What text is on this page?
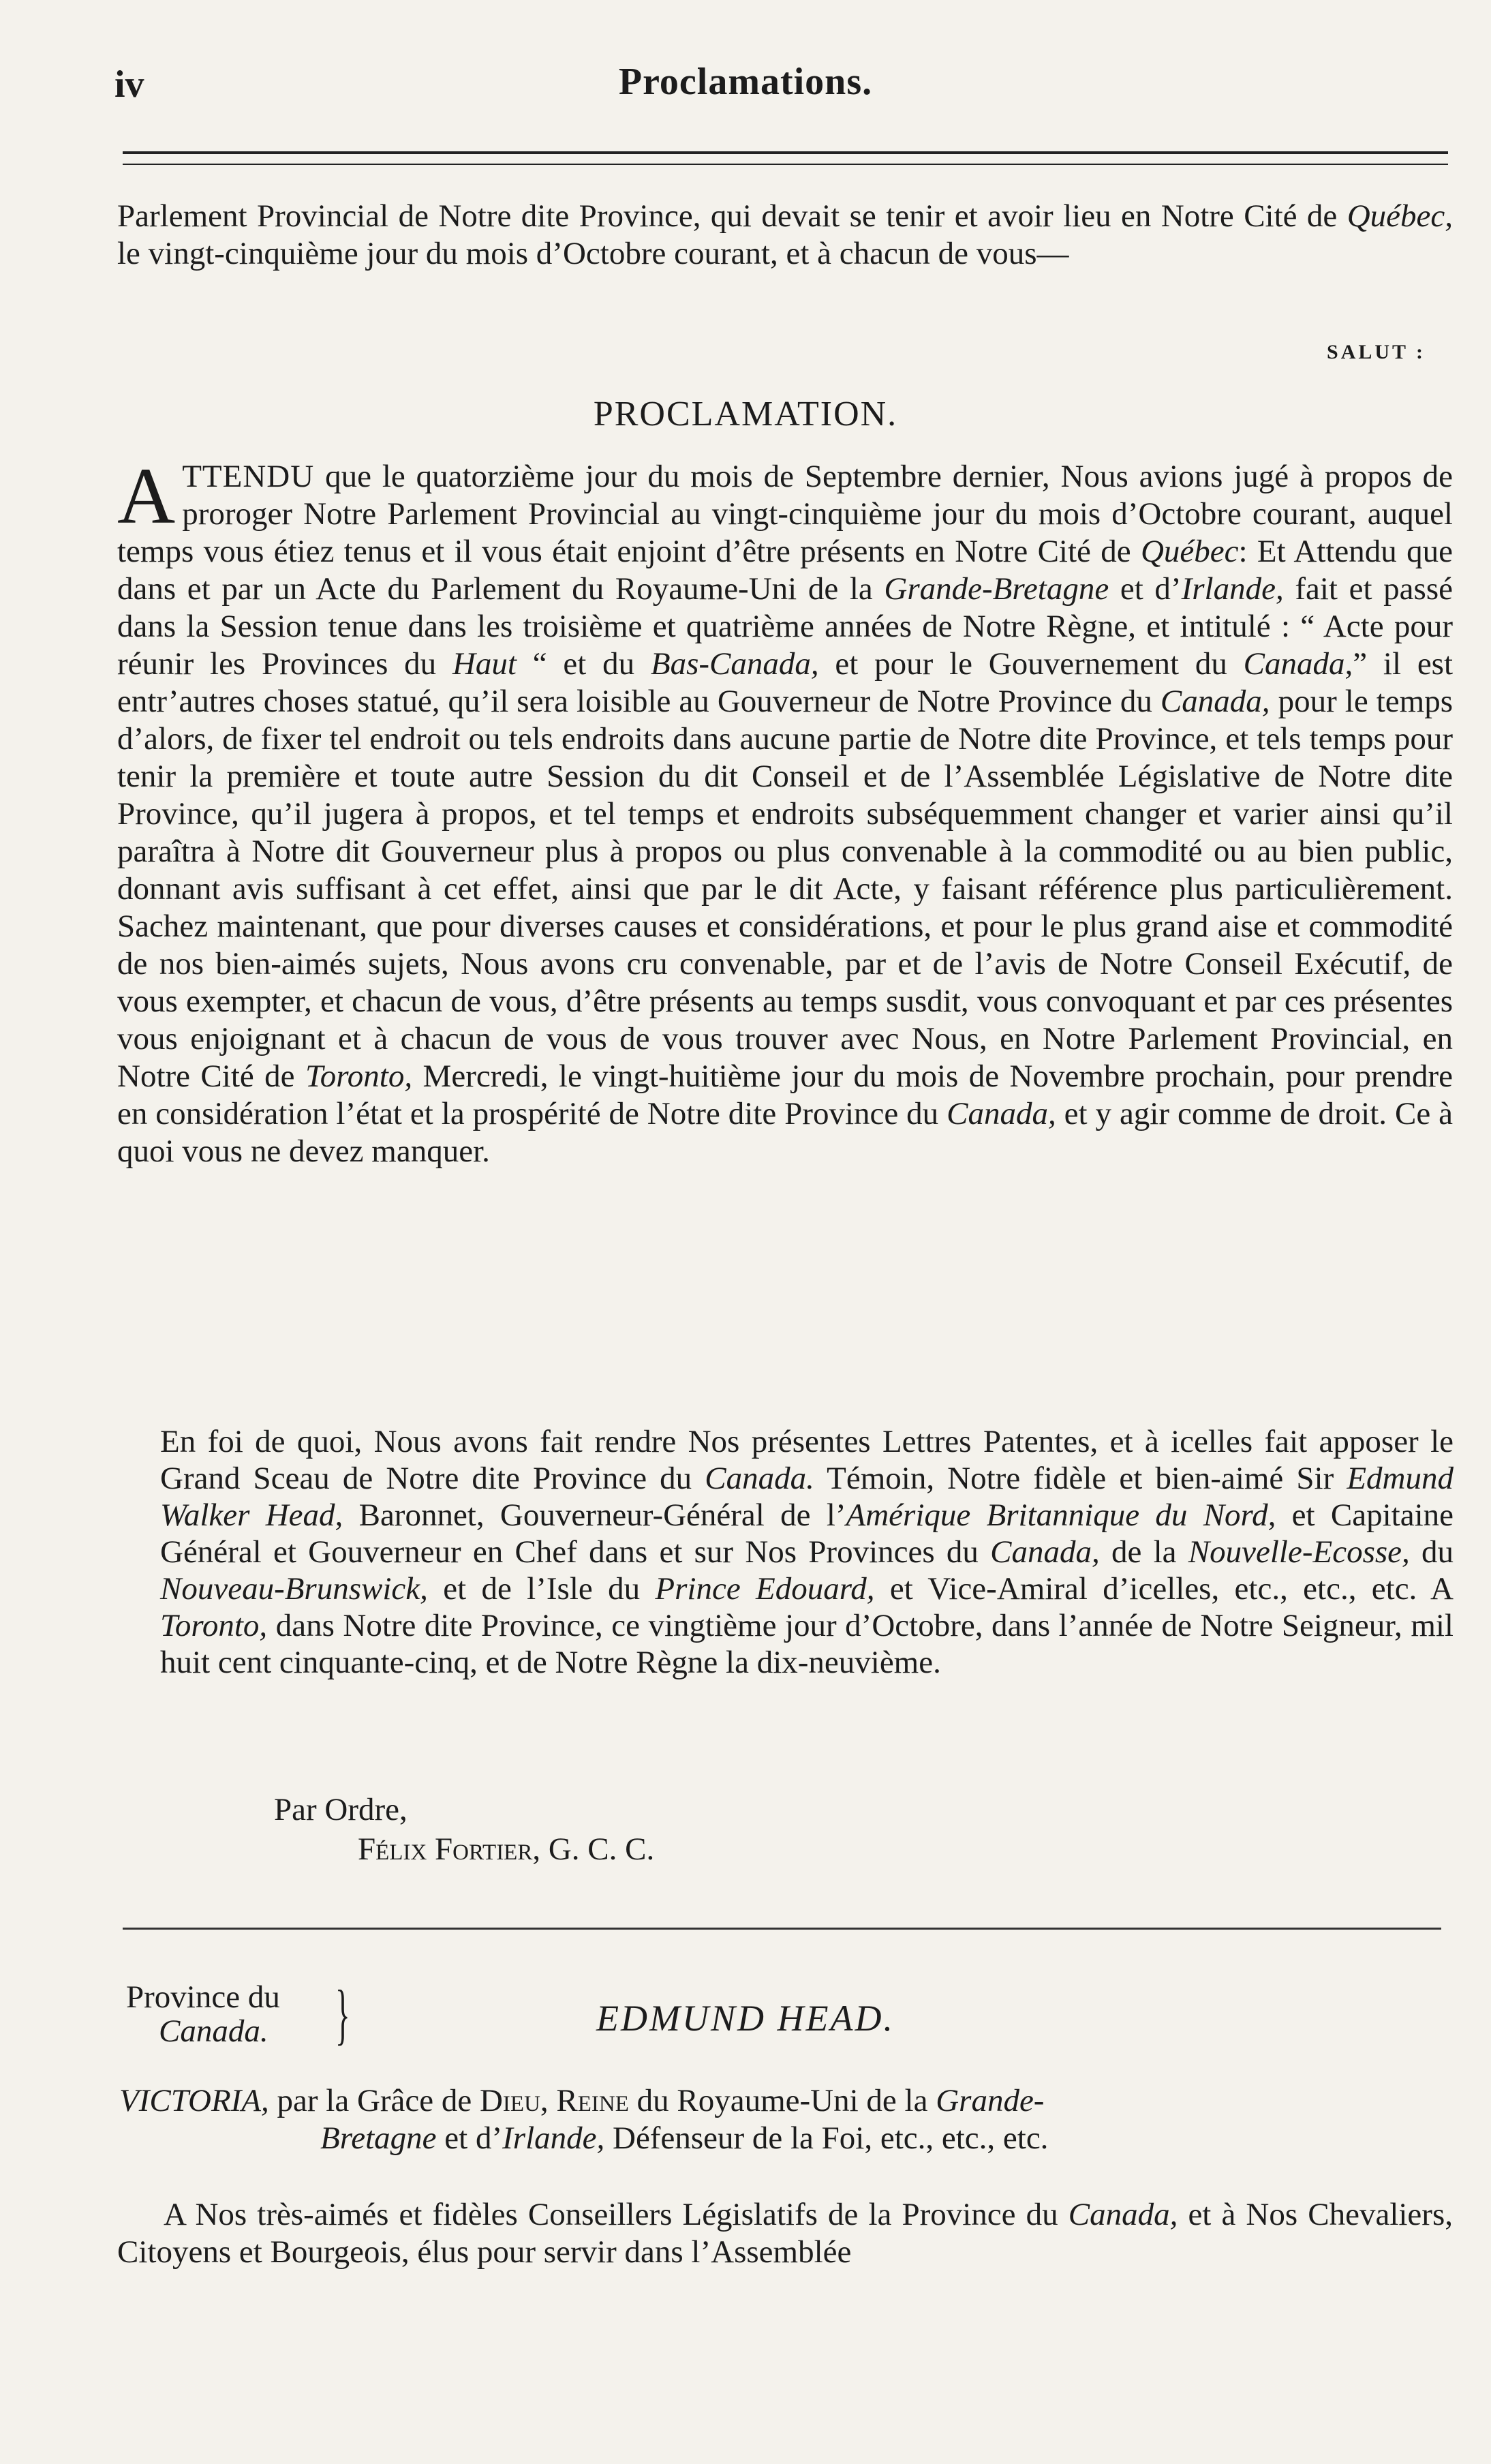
iv	Proclamations.
Parlement Provincial de Notre dite Province, qui devait se tenir et avoir lieu en Notre Cité de Québec, le vingt-cinquième jour du mois d’Octobre courant, et à chacun de vous—
SALUT :
PROCLAMATION.
ATTENDU que le quatorzième jour du mois de Septembre dernier, Nous avions jugé à propos de proroger Notre Parlement Provincial au vingt-cinquième jour du mois d’Octobre courant, auquel temps vous étiez tenus et il vous était enjoint d’être présents en Notre Cité de Québec: Et Attendu que dans et par un Acte du Parlement du Royaume-Uni de la Grande-Bretagne et d’Irlande, fait et passé dans la Session tenue dans les troisième et quatrième années de Notre Règne, et intitulé : “ Acte pour réunir les Provinces du Haut “ et du Bas-Canada, et pour le Gouvernement du Canada,” il est entr’autres choses statué, qu’il sera loisible au Gouverneur de Notre Province du Canada, pour le temps d’alors, de fixer tel endroit ou tels endroits dans aucune partie de Notre dite Province, et tels temps pour tenir la première et toute autre Session du dit Conseil et de l’Assemblée Législative de Notre dite Province, qu’il jugera à propos, et tel temps et endroits subséquemment changer et varier ainsi qu’il paraîtra à Notre dit Gouverneur plus à propos ou plus convenable à la commodité ou au bien public, donnant avis suffisant à cet effet, ainsi que par le dit Acte, y faisant référence plus particulièrement. Sachez maintenant, que pour diverses causes et considérations, et pour le plus grand aise et commodité de nos bien-aimés sujets, Nous avons cru convenable, par et de l’avis de Notre Conseil Exécutif, de vous exempter, et chacun de vous, d’être présents au temps susdit, vous convoquant et par ces présentes vous enjoignant et à chacun de vous de vous trouver avec Nous, en Notre Parlement Provincial, en Notre Cité de Toronto, Mercredi, le vingt-huitième jour du mois de Novembre prochain, pour prendre en considération l’état et la prospérité de Notre dite Province du Canada, et y agir comme de droit. Ce à quoi vous ne devez manquer.
En foi de quoi, Nous avons fait rendre Nos présentes Lettres Patentes, et à icelles fait apposer le Grand Sceau de Notre dite Province du Canada. Témoin, Notre fidèle et bien-aimé Sir Edmund Walker Head, Baronnet, Gouverneur-Général de l’Amérique Britannique du Nord, et Capitaine Général et Gouverneur en Chef dans et sur Nos Provinces du Canada, de la Nouvelle-Ecosse, du Nouveau-Brunswick, et de l’Isle du Prince Edouard, et Vice-Amiral d’icelles, etc., etc., etc. A Toronto, dans Notre dite Province, ce vingtième jour d’Octobre, dans l’année de Notre Seigneur, mil huit cent cinquante-cinq, et de Notre Règne la dix-neuvième.
Par Ordre,
Félix Fortier, G. C. C.
Province du
Canada. }	EDMUND HEAD.
VICTORIA, par la Grâce de Dieu, Reine du Royaume-Uni de la Grande-
Bretagne et d’Irlande, Défenseur de la Foi, etc., etc., etc.
A Nos très-aimés et fidèles Conseillers Législatifs de la Province du Canada, et à Nos Chevaliers, Citoyens et Bourgeois, élus pour servir dans l’Assemblée
